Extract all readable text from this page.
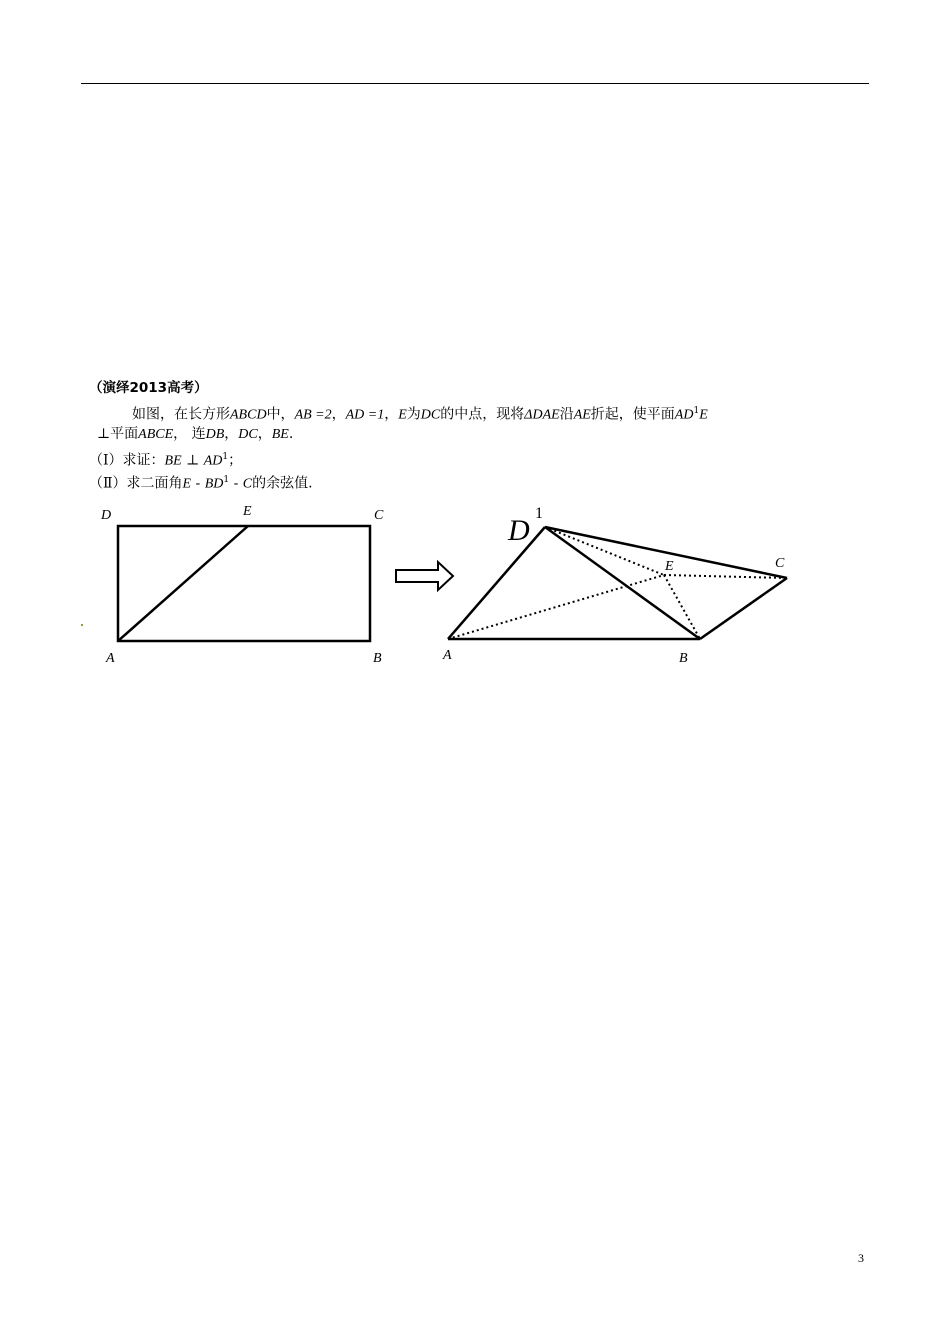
（演绎2013高考）
如图，在长方形ABCD中，AB =2，AD =1，E为DC的中点，现将ΔDAE沿AE折起，使平面$AD^1E$
⊥平面ABCE， 连DB，DC，BE.
（Ⅰ）求证：BE ⊥ $AD^1$；
（Ⅱ）求二面角E - $BD^1$ - C的余弦值.
D	E	C
A	B
D
1
E	C
A	B
3
